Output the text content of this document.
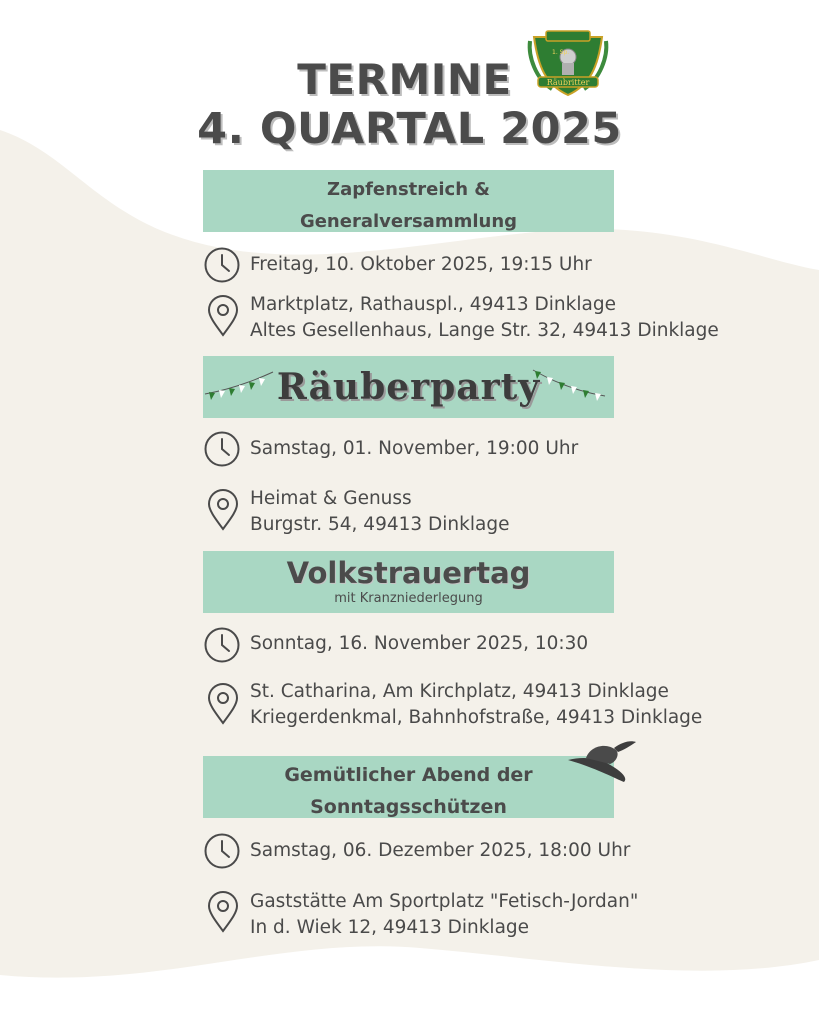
TERMINE
4. QUARTAL 2025
1. Sp.
Räubritter
Zapfenstreich &
Generalversammlung
Freitag, 10. Oktober 2025, 19:15 Uhr
Marktplatz, Rathauspl., 49413 Dinklage
Altes Gesellenhaus, Lange Str. 32, 49413 Dinklage
Räuberparty
Samstag, 01. November, 19:00 Uhr
Heimat & Genuss
Burgstr. 54, 49413 Dinklage
Volkstrauertag
mit Kranzniederlegung
Sonntag, 16. November 2025, 10:30
St. Catharina, Am Kirchplatz, 49413 Dinklage
Kriegerdenkmal, Bahnhofstraße, 49413 Dinklage
Gemütlicher Abend der
Sonntagsschützen
Samstag, 06. Dezember 2025, 18:00 Uhr
Gaststätte Am Sportplatz "Fetisch-Jordan"
In d. Wiek 12, 49413 Dinklage
